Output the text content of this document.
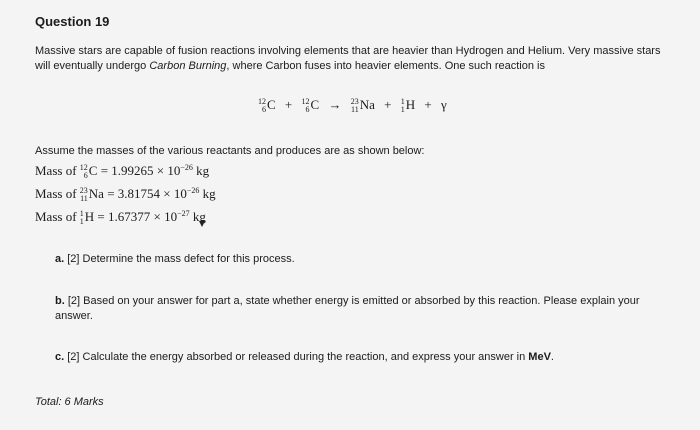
Question 19
Massive stars are capable of fusion reactions involving elements that are heavier than Hydrogen and Helium. Very massive stars will eventually undergo Carbon Burning, where Carbon fuses into heavier elements. One such reaction is
12
6 C + 12
6 C → 23
11 Na + 1
1 H + γ
Assume the masses of the various reactants and produces are as shown below:
Mass of 12
6 $C = 1.99265 \times 10^{-26}$ kg
Mass of 23
11 $Na = 3.81754 \times 10^{-26}$ kg
Mass of 1
1 $H = 1.67377 \times 10^{-27}$ kg
a. [2] Determine the mass defect for this process.
b. [2] Based on your answer for part a, state whether energy is emitted or absorbed by this reaction. Please explain your answer.
c. [2] Calculate the energy absorbed or released during the reaction, and express your answer in MeV.
Total: 6 Marks
